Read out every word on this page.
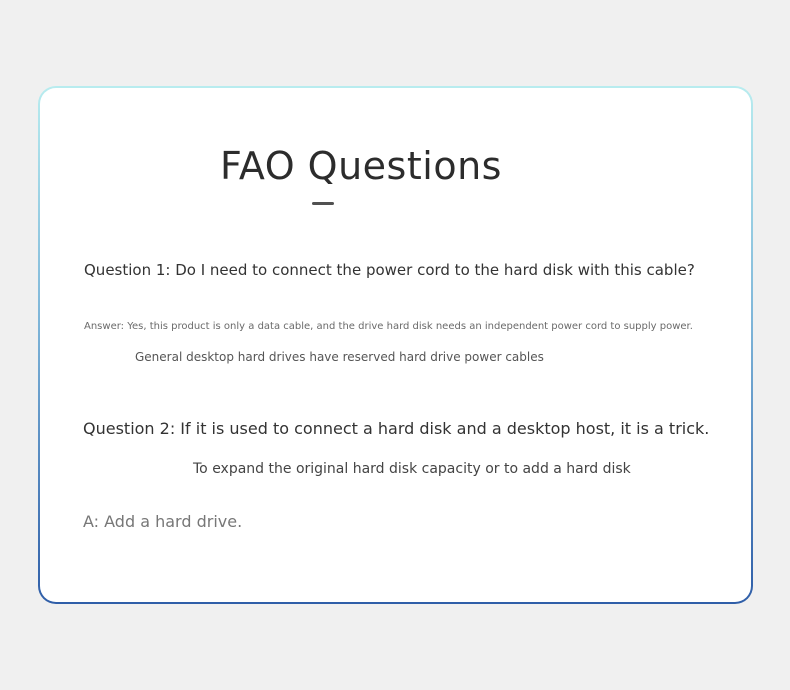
FAO Questions
Question 1: Do I need to connect the power cord to the hard disk with this cable?
Answer: Yes, this product is only a data cable, and the drive hard disk needs an independent power cord to supply power.
General desktop hard drives have reserved hard drive power cables
Question 2: If it is used to connect a hard disk and a desktop host, it is a trick.
To expand the original hard disk capacity or to add a hard disk
A: Add a hard drive.
